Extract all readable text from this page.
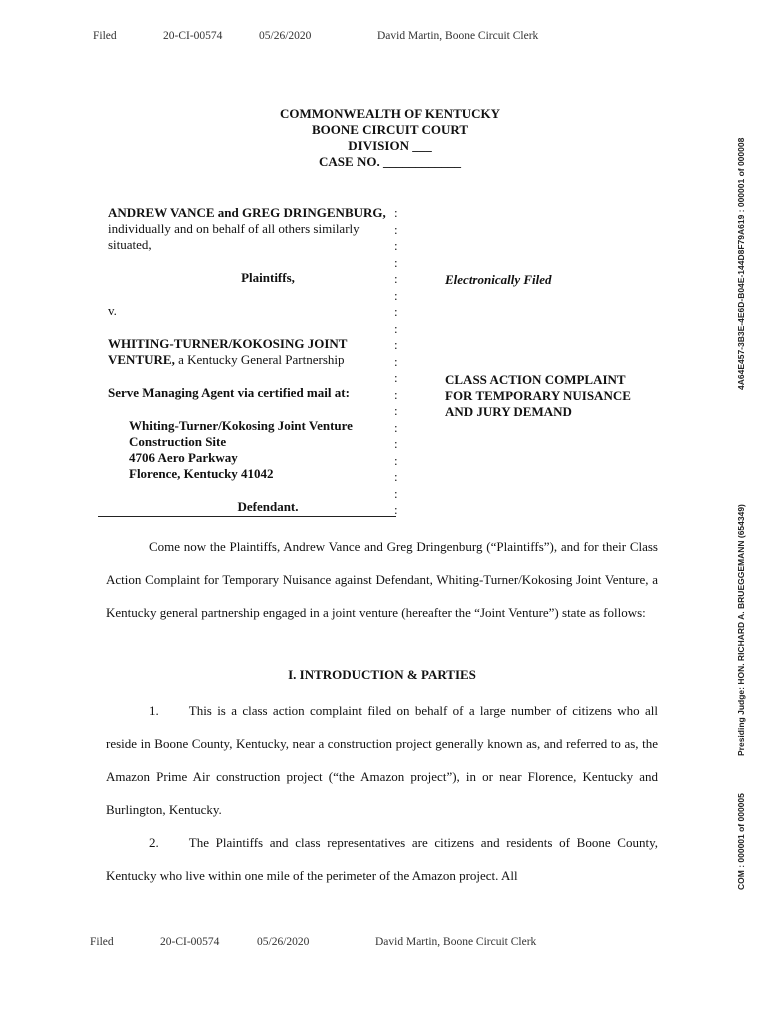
Filed	20-CI-00574	05/26/2020	David Martin, Boone Circuit Clerk
COMMONWEALTH OF KENTUCKY
BOONE CIRCUIT COURT
DIVISION ___
CASE NO. ____________

ANDREW VANCE and GREG DRINGENBURG, individually and on behalf of all others similarly situated,

Plaintiffs,

v.

WHITING-TURNER/KOKOSING JOINT VENTURE, a Kentucky General Partnership

Serve Managing Agent via certified mail at:

Whiting-Turner/Kokosing Joint Venture
Construction Site
4706 Aero Parkway
Florence, Kentucky 41042

Defendant.

:
:
:
:
:
:
:
:
:
:
:
:
:
:
:
:
:
:
:
Electronically Filed
CLASS ACTION COMPLAINT
FOR TEMPORARY NUISANCE
AND JURY DEMAND
Come now the Plaintiffs, Andrew Vance and Greg Dringenburg (“Plaintiffs”), and for their Class Action Complaint for Temporary Nuisance against Defendant, Whiting-Turner/Kokosing Joint Venture, a Kentucky general partnership engaged in a joint venture (hereafter the “Joint Venture”) state as follows:
I. INTRODUCTION & PARTIES
1. This is a class action complaint filed on behalf of a large number of citizens who all reside in Boone County, Kentucky, near a construction project generally known as, and referred to as, the Amazon Prime Air construction project (“the Amazon project”), in or near Florence, Kentucky and Burlington, Kentucky.
2. The Plaintiffs and class representatives are citizens and residents of Boone County, Kentucky who live within one mile of the perimeter of the Amazon project. All
Filed	20-CI-00574	05/26/2020	David Martin, Boone Circuit Clerk
4A64E457-3B3E-4E6D-B04E-144D8F79A619 : 000001 of 000008
Presiding Judge: HON. RICHARD A. BRUEGGEMANN (654349)
COM : 000001 of 000005
